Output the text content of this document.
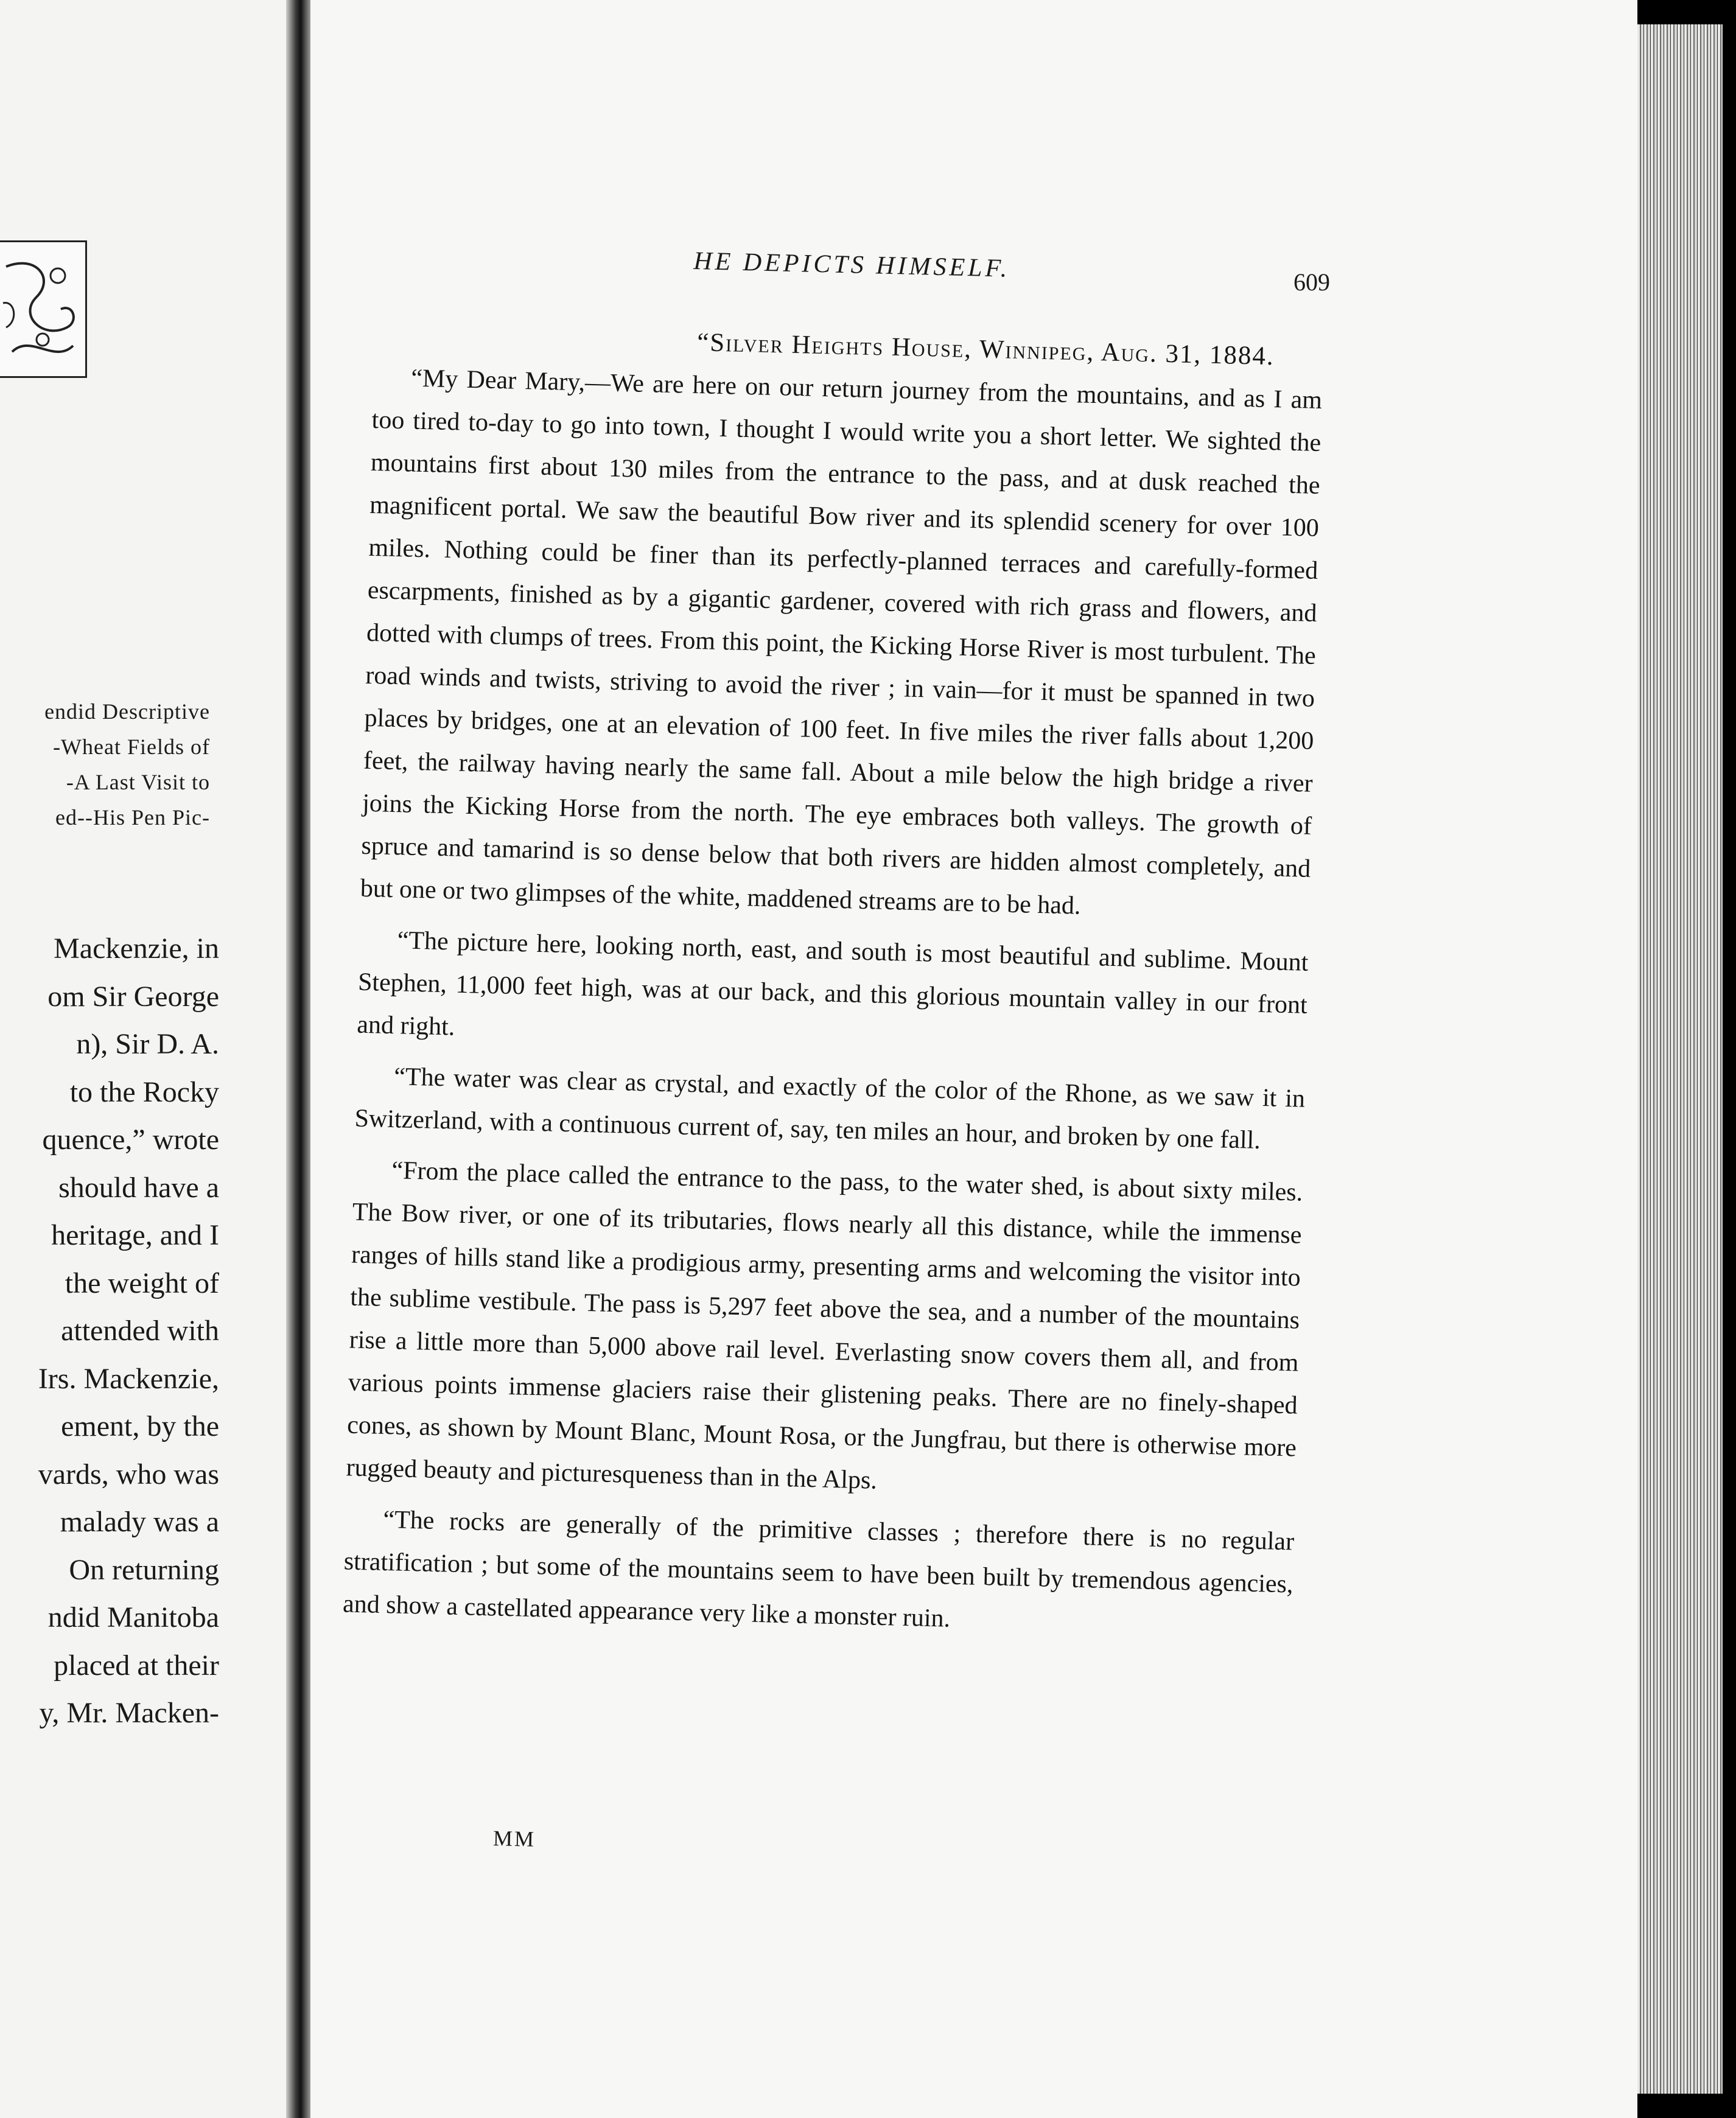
endid Descriptive
-Wheat Fields of
-A Last Visit to
ed--His Pen Pic-
Mackenzie, in
om Sir George
n), Sir D. A.
to the Rocky
quence,” wrote
should have a
heritage, and I
the weight of
attended with
Irs. Mackenzie,
ement, by the
vards, who was
malady was a
On returning
ndid Manitoba
placed at their
y, Mr. Macken-
HE DEPICTS HIMSELF.	609
“Silver Heights House, Winnipeg, Aug. 31, 1884.

“My Dear Mary,—We are here on our return journey from the mountains, and as I am too tired to-day to go into town, I thought I would write you a short letter. We sighted the mountains first about 130 miles from the entrance to the pass, and at dusk reached the magnificent portal. We saw the beautiful Bow river and its splendid scenery for over 100 miles. Nothing could be finer than its perfectly-planned terraces and carefully-formed escarpments, finished as by a gigantic gardener, covered with rich grass and flowers, and dotted with clumps of trees. From this point, the Kicking Horse River is most turbulent. The road winds and twists, striving to avoid the river ; in vain—for it must be spanned in two places by bridges, one at an elevation of 100 feet. In five miles the river falls about 1,200 feet, the railway having nearly the same fall. About a mile below the high bridge a river joins the Kicking Horse from the north. The eye embraces both valleys. The growth of spruce and tamarind is so dense below that both rivers are hidden almost completely, and but one or two glimpses of the white, maddened streams are to be had.

“The picture here, looking north, east, and south is most beautiful and sublime. Mount Stephen, 11,000 feet high, was at our back, and this glorious mountain valley in our front and right.

“The water was clear as crystal, and exactly of the color of the Rhone, as we saw it in Switzerland, with a continuous current of, say, ten miles an hour, and broken by one fall.

“From the place called the entrance to the pass, to the water shed, is about sixty miles. The Bow river, or one of its tributaries, flows nearly all this distance, while the immense ranges of hills stand like a prodigious army, presenting arms and welcoming the visitor into the sublime vestibule. The pass is 5,297 feet above the sea, and a number of the mountains rise a little more than 5,000 above rail level. Everlasting snow covers them all, and from various points immense glaciers raise their glistening peaks. There are no finely-shaped cones, as shown by Mount Blanc, Mount Rosa, or the Jungfrau, but there is otherwise more rugged beauty and picturesqueness than in the Alps.

“The rocks are generally of the primitive classes ; therefore there is no regular stratification ; but some of the mountains seem to have been built by tremendous agencies, and show a castellated appearance very like a monster ruin.

MM
